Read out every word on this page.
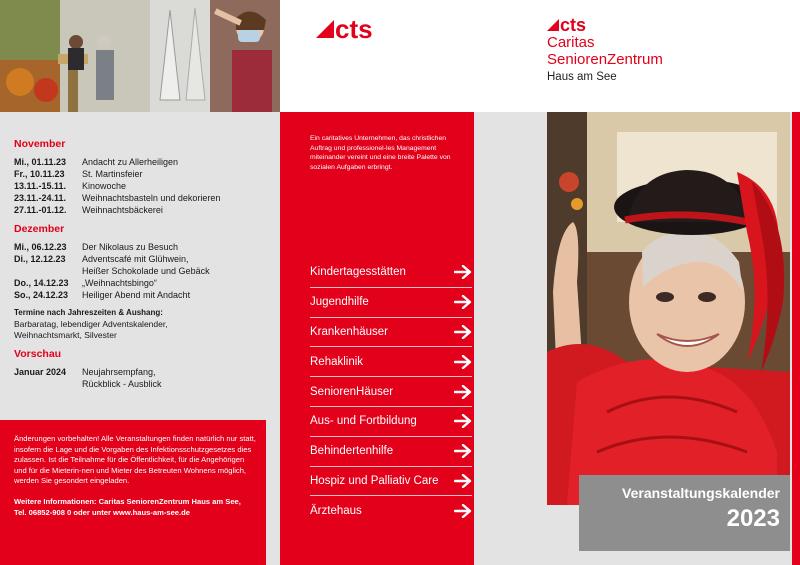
November
Mi., 01.11.23	Andacht zu Allerheiligen
Fr., 10.11.23	St. Martinsfeier
13.11.-15.11.	Kinowoche
23.11.-24.11.	Weihnachtsbasteln und dekorieren
27.11.-01.12.	Weihnachtsbäckerei
Dezember
Mi., 06.12.23	Der Nikolaus zu Besuch
Di., 12.12.23	Adventscafé mit Glühwein,
Heißer Schokolade und Gebäck
Do., 14.12.23	„Weihnachtsbingo“
So., 24.12.23	Heiliger Abend mit Andacht
Termine nach Jahreszeiten & Aushang:
Barbaratag, lebendiger Adventskalender,
Weihnachtsmarkt, Silvester
Vorschau
Januar 2024	Neujahrsempfang,
Rückblick - Ausblick
Änderungen vorbehalten! Alle Veranstaltungen finden natürlich nur statt, insofern die Lage und die Vorgaben des Infektionsschutzgesetzes dies zulassen. Ist die Teilnahme für die Öffentlichkeit, für die Angehörigen und für die Mieterin-nen und Mieter des Betreuten Wohnens möglich, werden Sie gesondert eingeladen.
Weitere Informationen: Caritas SeniorenZentrum Haus am See,
Tel. 06852-908 0 oder unter www.haus-am-see.de
cts
Ein caritatives Unternehmen, das christlichen Auftrag und professionel-les Management miteinander vereint und eine breite Palette von sozialen Aufgaben erbringt.
Kindertagesstätten
Jugendhilfe
Krankenhäuser
Rehaklinik
SeniorenHäuser
Aus- und Fortbildung
Behindertenhilfe
Hospiz und Palliativ Care
Ärztehaus
cts
Caritas
SeniorenZentrum
Haus am See
Veranstaltungskalender
2023
